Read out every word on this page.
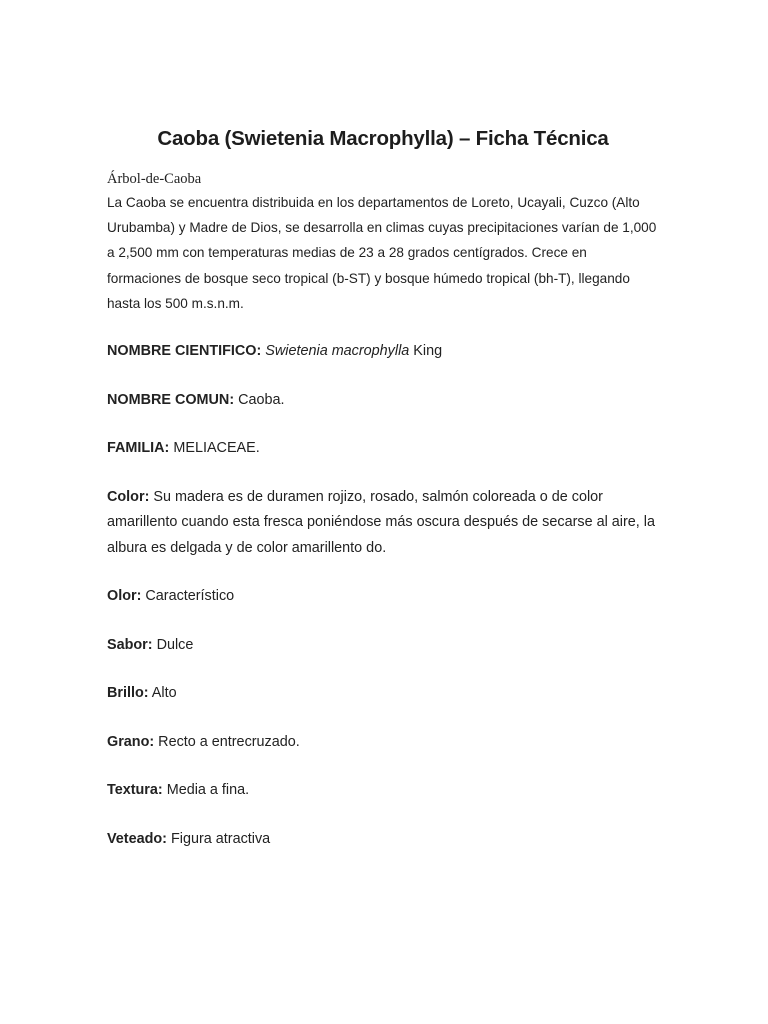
Caoba (Swietenia Macrophylla) – Ficha Técnica

Árbol-de-Caoba

La Caoba se encuentra distribuida en los departamentos de Loreto, Ucayali, Cuzco (Alto Urubamba) y Madre de Dios, se desarrolla en climas cuyas precipitaciones varían de 1,000 a 2,500 mm con temperaturas medias de 23 a 28 grados centígrados. Crece en formaciones de bosque seco tropical (b-ST) y bosque húmedo tropical (bh-T), llegando hasta los 500 m.s.n.m.

NOMBRE CIENTIFICO: Swietenia macrophylla King

NOMBRE COMUN: Caoba.

FAMILIA: MELIACEAE.

Color: Su madera es de duramen rojizo, rosado, salmón coloreada o de color amarillento cuando esta fresca poniéndose más oscura después de secarse al aire, la albura es delgada y de color amarillento do.

Olor: Característico

Sabor: Dulce

Brillo: Alto

Grano: Recto a entrecruzado.

Textura: Media a fina.

Veteado: Figura atractiva
